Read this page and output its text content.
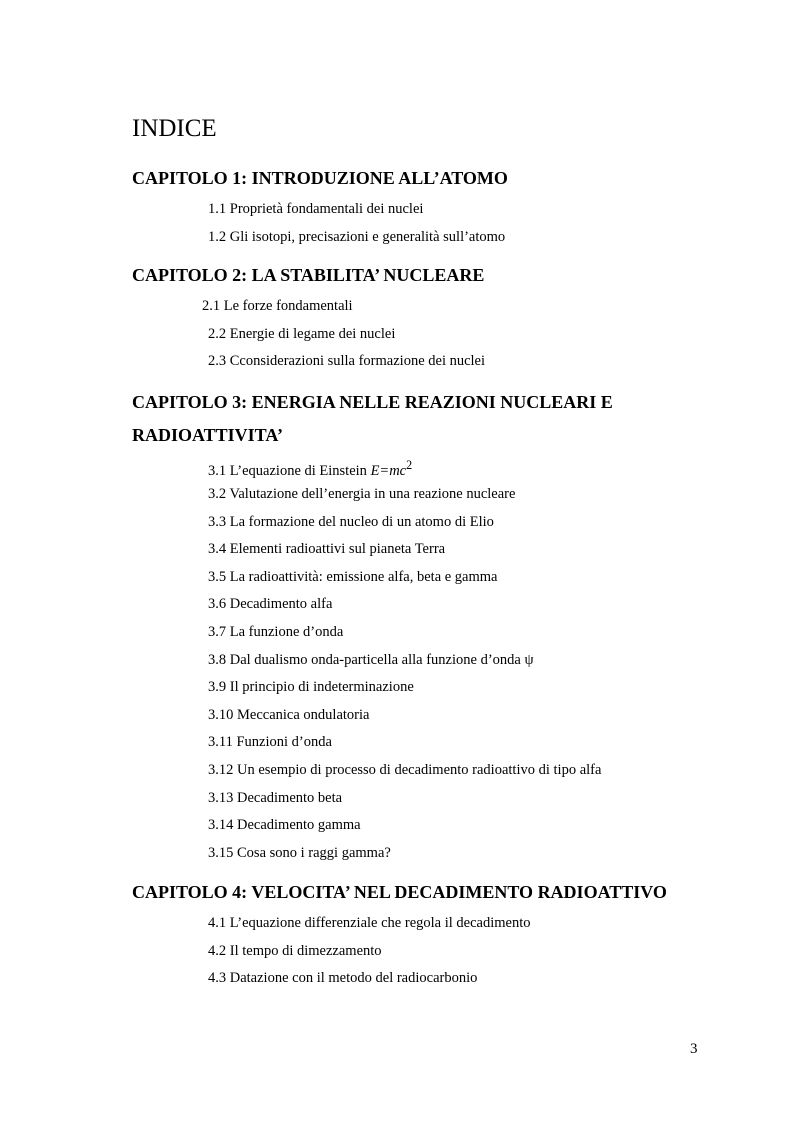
INDICE
CAPITOLO 1: INTRODUZIONE ALL’ATOMO
1.1 Proprietà fondamentali dei nuclei
1.2 Gli isotopi, precisazioni e generalità sull’atomo
CAPITOLO 2: LA STABILITA’ NUCLEARE
2.1 Le forze fondamentali
2.2 Energie di legame dei nuclei
2.3 Cconsiderazioni sulla formazione dei nuclei
CAPITOLO 3: ENERGIA NELLE REAZIONI NUCLEARI E
RADIOATTIVITA’
3.1 L’equazione di Einstein $E=mc^2$
3.2 Valutazione dell’energia in una reazione nucleare
3.3 La formazione del nucleo di un atomo di Elio
3.4 Elementi radioattivi sul pianeta Terra
3.5 La radioattività: emissione alfa, beta e gamma
3.6 Decadimento alfa
3.7 La funzione d’onda
3.8 Dal dualismo onda-particella alla funzione d’onda ψ
3.9 Il principio di indeterminazione
3.10 Meccanica ondulatoria
3.11 Funzioni d’onda
3.12 Un esempio di processo di decadimento radioattivo di tipo alfa
3.13 Decadimento beta
3.14 Decadimento gamma
3.15 Cosa sono i raggi gamma?
CAPITOLO 4: VELOCITA’ NEL DECADIMENTO RADIOATTIVO
4.1 L’equazione differenziale che regola il decadimento
4.2 Il tempo di dimezzamento
4.3 Datazione con il metodo del radiocarbonio
3
